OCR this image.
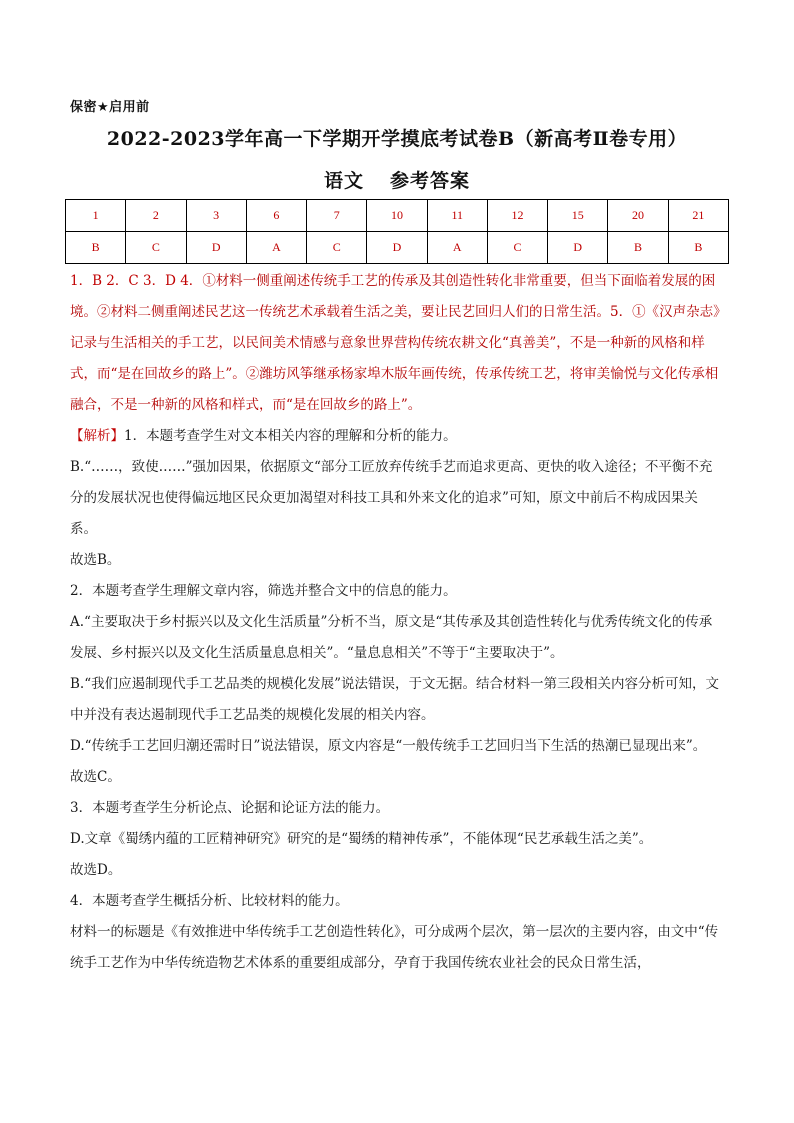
保密★启用前
2022-2023学年高一下学期开学摸底考试卷B（新高考Ⅱ卷专用）
语文 参考答案
1	2	3	6	7	10	11	12	15	20	21
B	C	D	A	C	D	A	C	D	B	B

1．B 2．C 3．D 4．①材料一侧重阐述传统手工艺的传承及其创造性转化非常重要，但当下面临着发展的困境。②材料二侧重阐述民艺这一传统艺术承载着生活之美，要让民艺回归人们的日常生活。5．①《汉声杂志》记录与生活相关的手工艺，以民间美术情感与意象世界营构传统农耕文化“真善美”，不是一种新的风格和样式，而“是在回故乡的路上”。②潍坊风筝继承杨家埠木版年画传统，传承传统工艺，将审美愉悦与文化传承相融合，不是一种新的风格和样式，而“是在回故乡的路上”。

【解析】1．本题考查学生对文本相关内容的理解和分析的能力。

B.“……，致使……”强加因果，依据原文“部分工匠放弃传统手艺而追求更高、更快的收入途径；不平衡不充分的发展状况也使得偏远地区民众更加渴望对科技工具和外来文化的追求”可知，原文中前后不构成因果关系。

故选B。

2．本题考查学生理解文章内容，筛选并整合文中的信息的能力。

A.“主要取决于乡村振兴以及文化生活质量”分析不当，原文是“其传承及其创造性转化与优秀传统文化的传承发展、乡村振兴以及文化生活质量息息相关”。“量息息相关”不等于“主要取决于”。

B.“我们应遏制现代手工艺品类的规模化发展”说法错误，于文无据。结合材料一第三段相关内容分析可知，文中并没有表达遏制现代手工艺品类的规模化发展的相关内容。

D.“传统手工艺回归潮还需时日”说法错误，原文内容是“一般传统手工艺回归当下生活的热潮已显现出来”。

故选C。

3．本题考查学生分析论点、论据和论证方法的能力。

D.文章《蜀绣内蕴的工匠精神研究》研究的是“蜀绣的精神传承”，不能体现“民艺承载生活之美”。

故选D。

4．本题考查学生概括分析、比较材料的能力。

材料一的标题是《有效推进中华传统手工艺创造性转化》，可分成两个层次，第一层次的主要内容，由文中“传统手工艺作为中华传统造物艺术体系的重要组成部分，孕育于我国传统农业社会的民众日常生活，
